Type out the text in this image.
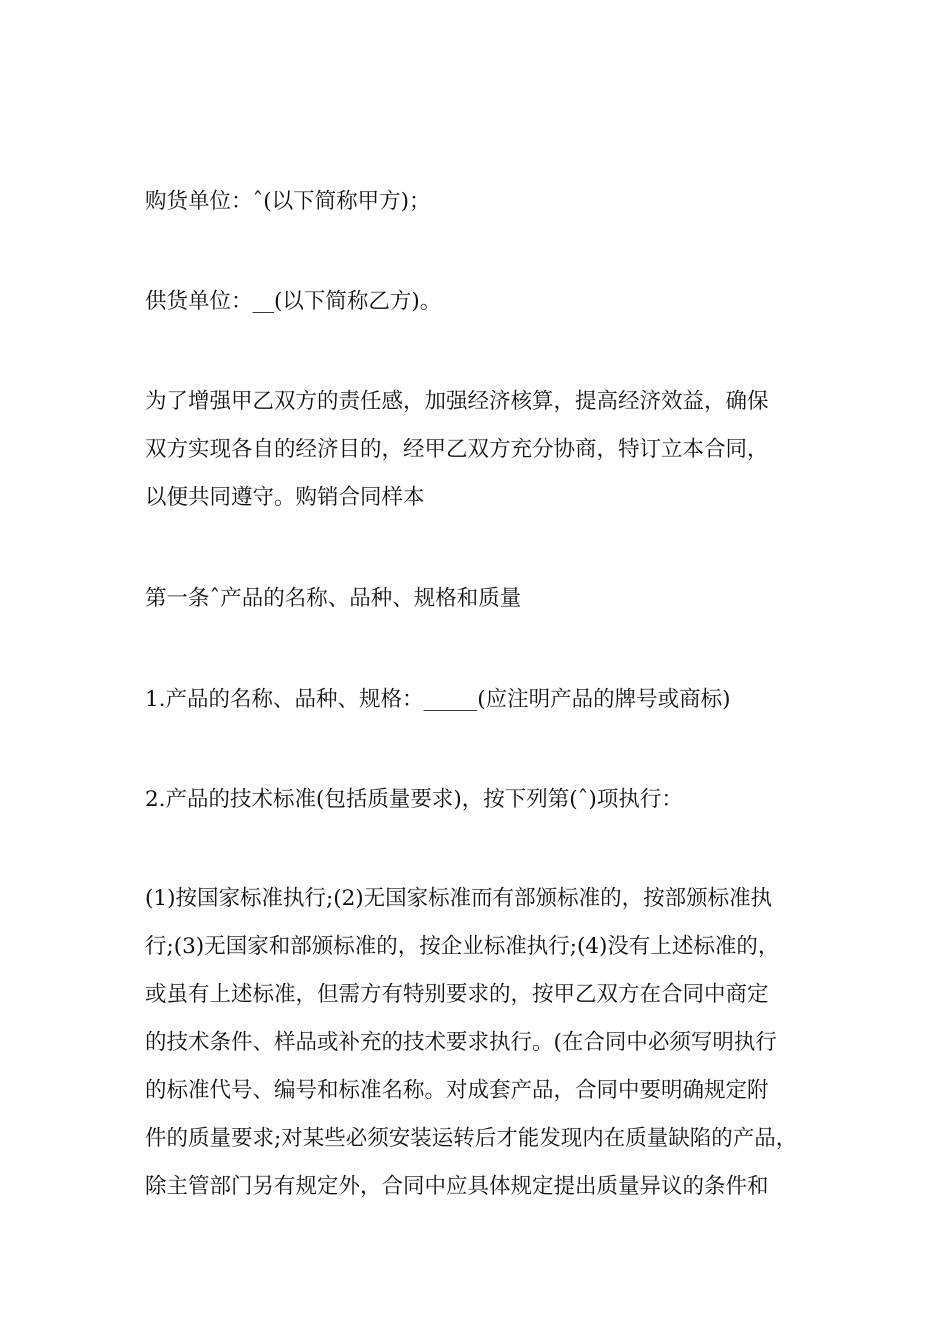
购货单位：ˆ(以下简称甲方)；
供货单位：__(以下简称乙方)。
为了增强甲乙双方的责任感，加强经济核算，提高经济效益，确保
双方实现各自的经济目的，经甲乙双方充分协商，特订立本合同，
以便共同遵守。购销合同样本
第一条ˆ产品的名称、品种、规格和质量
1.产品的名称、品种、规格：_____(应注明产品的牌号或商标)
2.产品的技术标准(包括质量要求)，按下列第(ˆ)项执行：
(1)按国家标准执行;(2)无国家标准而有部颁标准的，按部颁标准执
行;(3)无国家和部颁标准的，按企业标准执行;(4)没有上述标准的，
或虽有上述标准，但需方有特别要求的，按甲乙双方在合同中商定
的技术条件、样品或补充的技术要求执行。(在合同中必须写明执行
的标准代号、编号和标准名称。对成套产品，合同中要明确规定附
件的质量要求;对某些必须安装运转后才能发现内在质量缺陷的产品，
除主管部门另有规定外，合同中应具体规定提出质量异议的条件和
